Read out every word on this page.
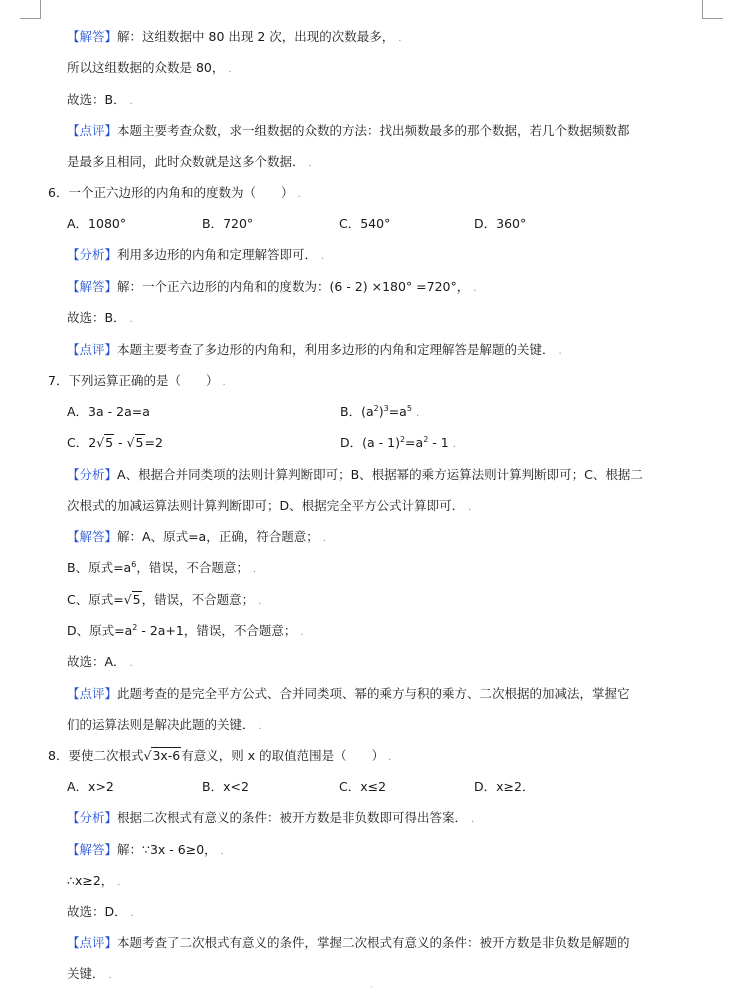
【解答】解：这组数据中 80 出现 2 次，出现的次数最多， .
所以这组数据的众数是 80， .
故选：B． .
【点评】本题主要考查众数，求一组数据的众数的方法：找出频数最多的那个数据，若几个数据频数都
是最多且相同，此时众数就是这多个数据． .
6．一个正六边形的内角和的度数为（　　） .
A．1080°	B．720°	C．540°	D．360°
【分析】利用多边形的内角和定理解答即可． .
【解答】解：一个正六边形的内角和的度数为：(6 - 2) ×180° =720°， .
故选：B． .
【点评】本题主要考查了多边形的内角和，利用多边形的内角和定理解答是解题的关键． .
7．下列运算正确的是（　　） .
A．3a - 2a=a	B．$(a^2)^3=a^5$ .
C．2√5 - √5=2	D．$(a - 1)^2=a^2 - 1$ .
【分析】A、根据合并同类项的法则计算判断即可；B、根据幂的乘方运算法则计算判断即可；C、根据二
次根式的加减运算法则计算判断即可；D、根据完全平方公式计算即可． .
【解答】解：A、原式=a，正确，符合题意； .
B、原式$=a^6$，错误，不合题意； .
C、原式=√5，错误，不合题意； .
D、原式$=a^2 - 2a+1$，错误，不合题意； .
故选：A． .
【点评】此题考查的是完全平方公式、合并同类项、幂的乘方与积的乘方、二次根据的加减法，掌握它
们的运算法则是解决此题的关键． .
8．要使二次根式√3x-6有意义，则 x 的取值范围是（　　） .
A．x>2	B．x<2	C．x≤2	D．x≥2．
【分析】根据二次根式有意义的条件：被开方数是非负数即可得出答案． .
【解答】解：∵3x - 6≥0， .
∴x≥2， .
故选：D． .
【点评】本题考查了二次根式有意义的条件，掌握二次根式有意义的条件：被开方数是非负数是解题的
关键． .
·
